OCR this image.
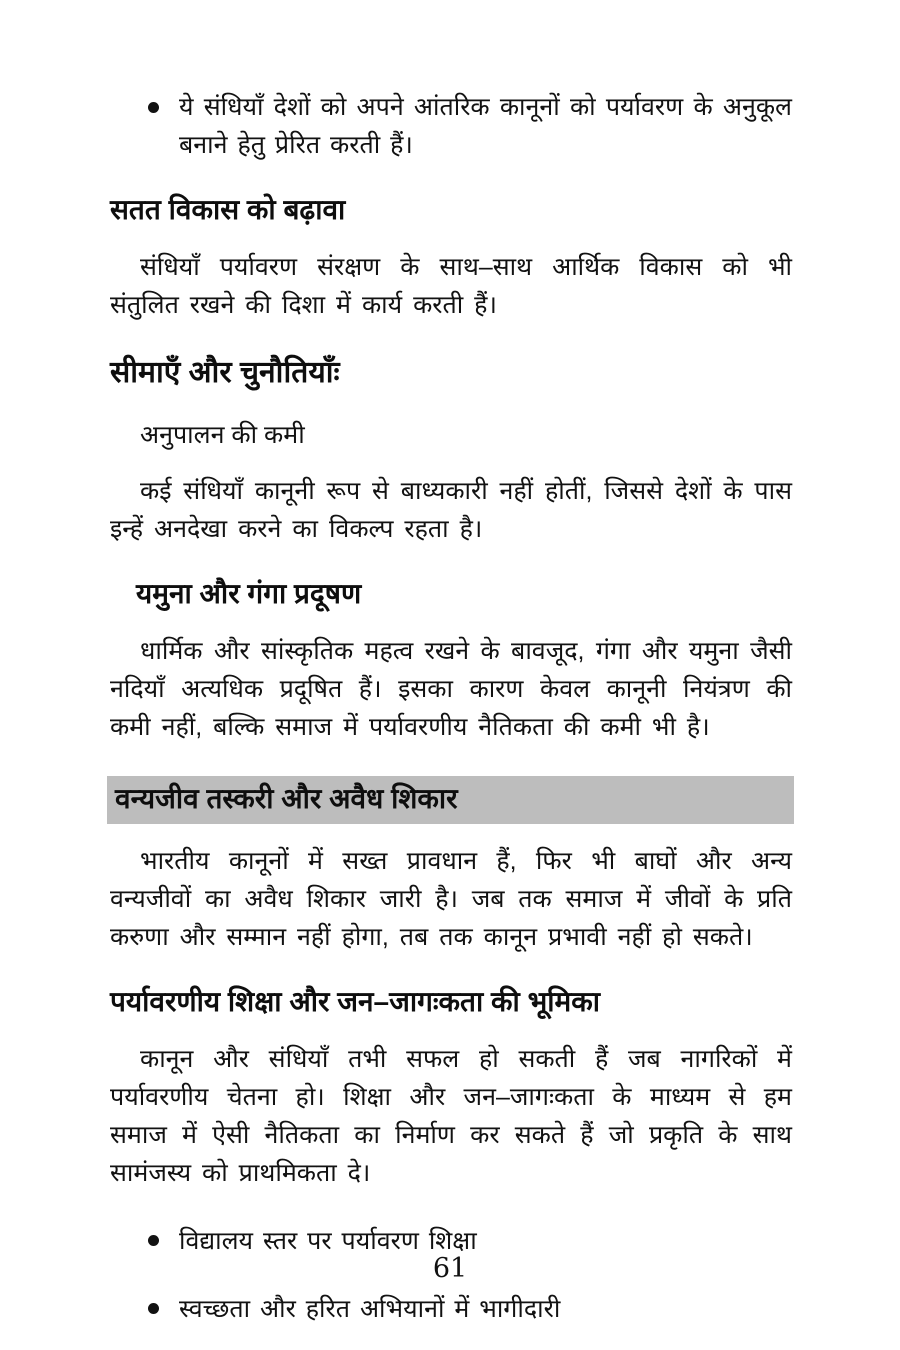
ये संधियाँ देशों को अपने आंतरिक कानूनों को पर्यावरण के अनुकूल बनाने हेतु प्रेरित करती हैं।
सतत विकास को बढ़ावा

संधियाँ पर्यावरण संरक्षण के साथ–साथ आर्थिक विकास को भी संतुलित रखने की दिशा में कार्य करती हैं।

सीमाएँ और चुनौतियाँः
अनुपालन की कमी

कई संधियाँ कानूनी रूप से बाध्यकारी नहीं होतीं, जिससे देशों के पास इन्हें अनदेखा करने का विकल्प रहता है।

यमुना और गंगा प्रदूषण

धार्मिक और सांस्कृतिक महत्व रखने के बावजूद, गंगा और यमुना जैसी नदियाँ अत्यधिक प्रदूषित हैं। इसका कारण केवल कानूनी नियंत्रण की कमी नहीं, बल्कि समाज में पर्यावरणीय नैतिकता की कमी भी है।

वन्यजीव तस्करी और अवैध शिकार

भारतीय कानूनों में सख्त प्रावधान हैं, फिर भी बाघों और अन्य वन्यजीवों का अवैध शिकार जारी है। जब तक समाज में जीवों के प्रति करुणा और सम्मान नहीं होगा, तब तक कानून प्रभावी नहीं हो सकते।

पर्यावरणीय शिक्षा और जन–जागःकता की भूमिका

कानून और संधियाँ तभी सफल हो सकती हैं जब नागरिकों में पर्यावरणीय चेतना हो। शिक्षा और जन–जागःकता के माध्यम से हम समाज में ऐसी नैतिकता का निर्माण कर सकते हैं जो प्रकृति के साथ सामंजस्य को प्राथमिकता दे।

विद्यालय स्तर पर पर्यावरण शिक्षा
स्वच्छता और हरित अभियानों में भागीदारी
61
